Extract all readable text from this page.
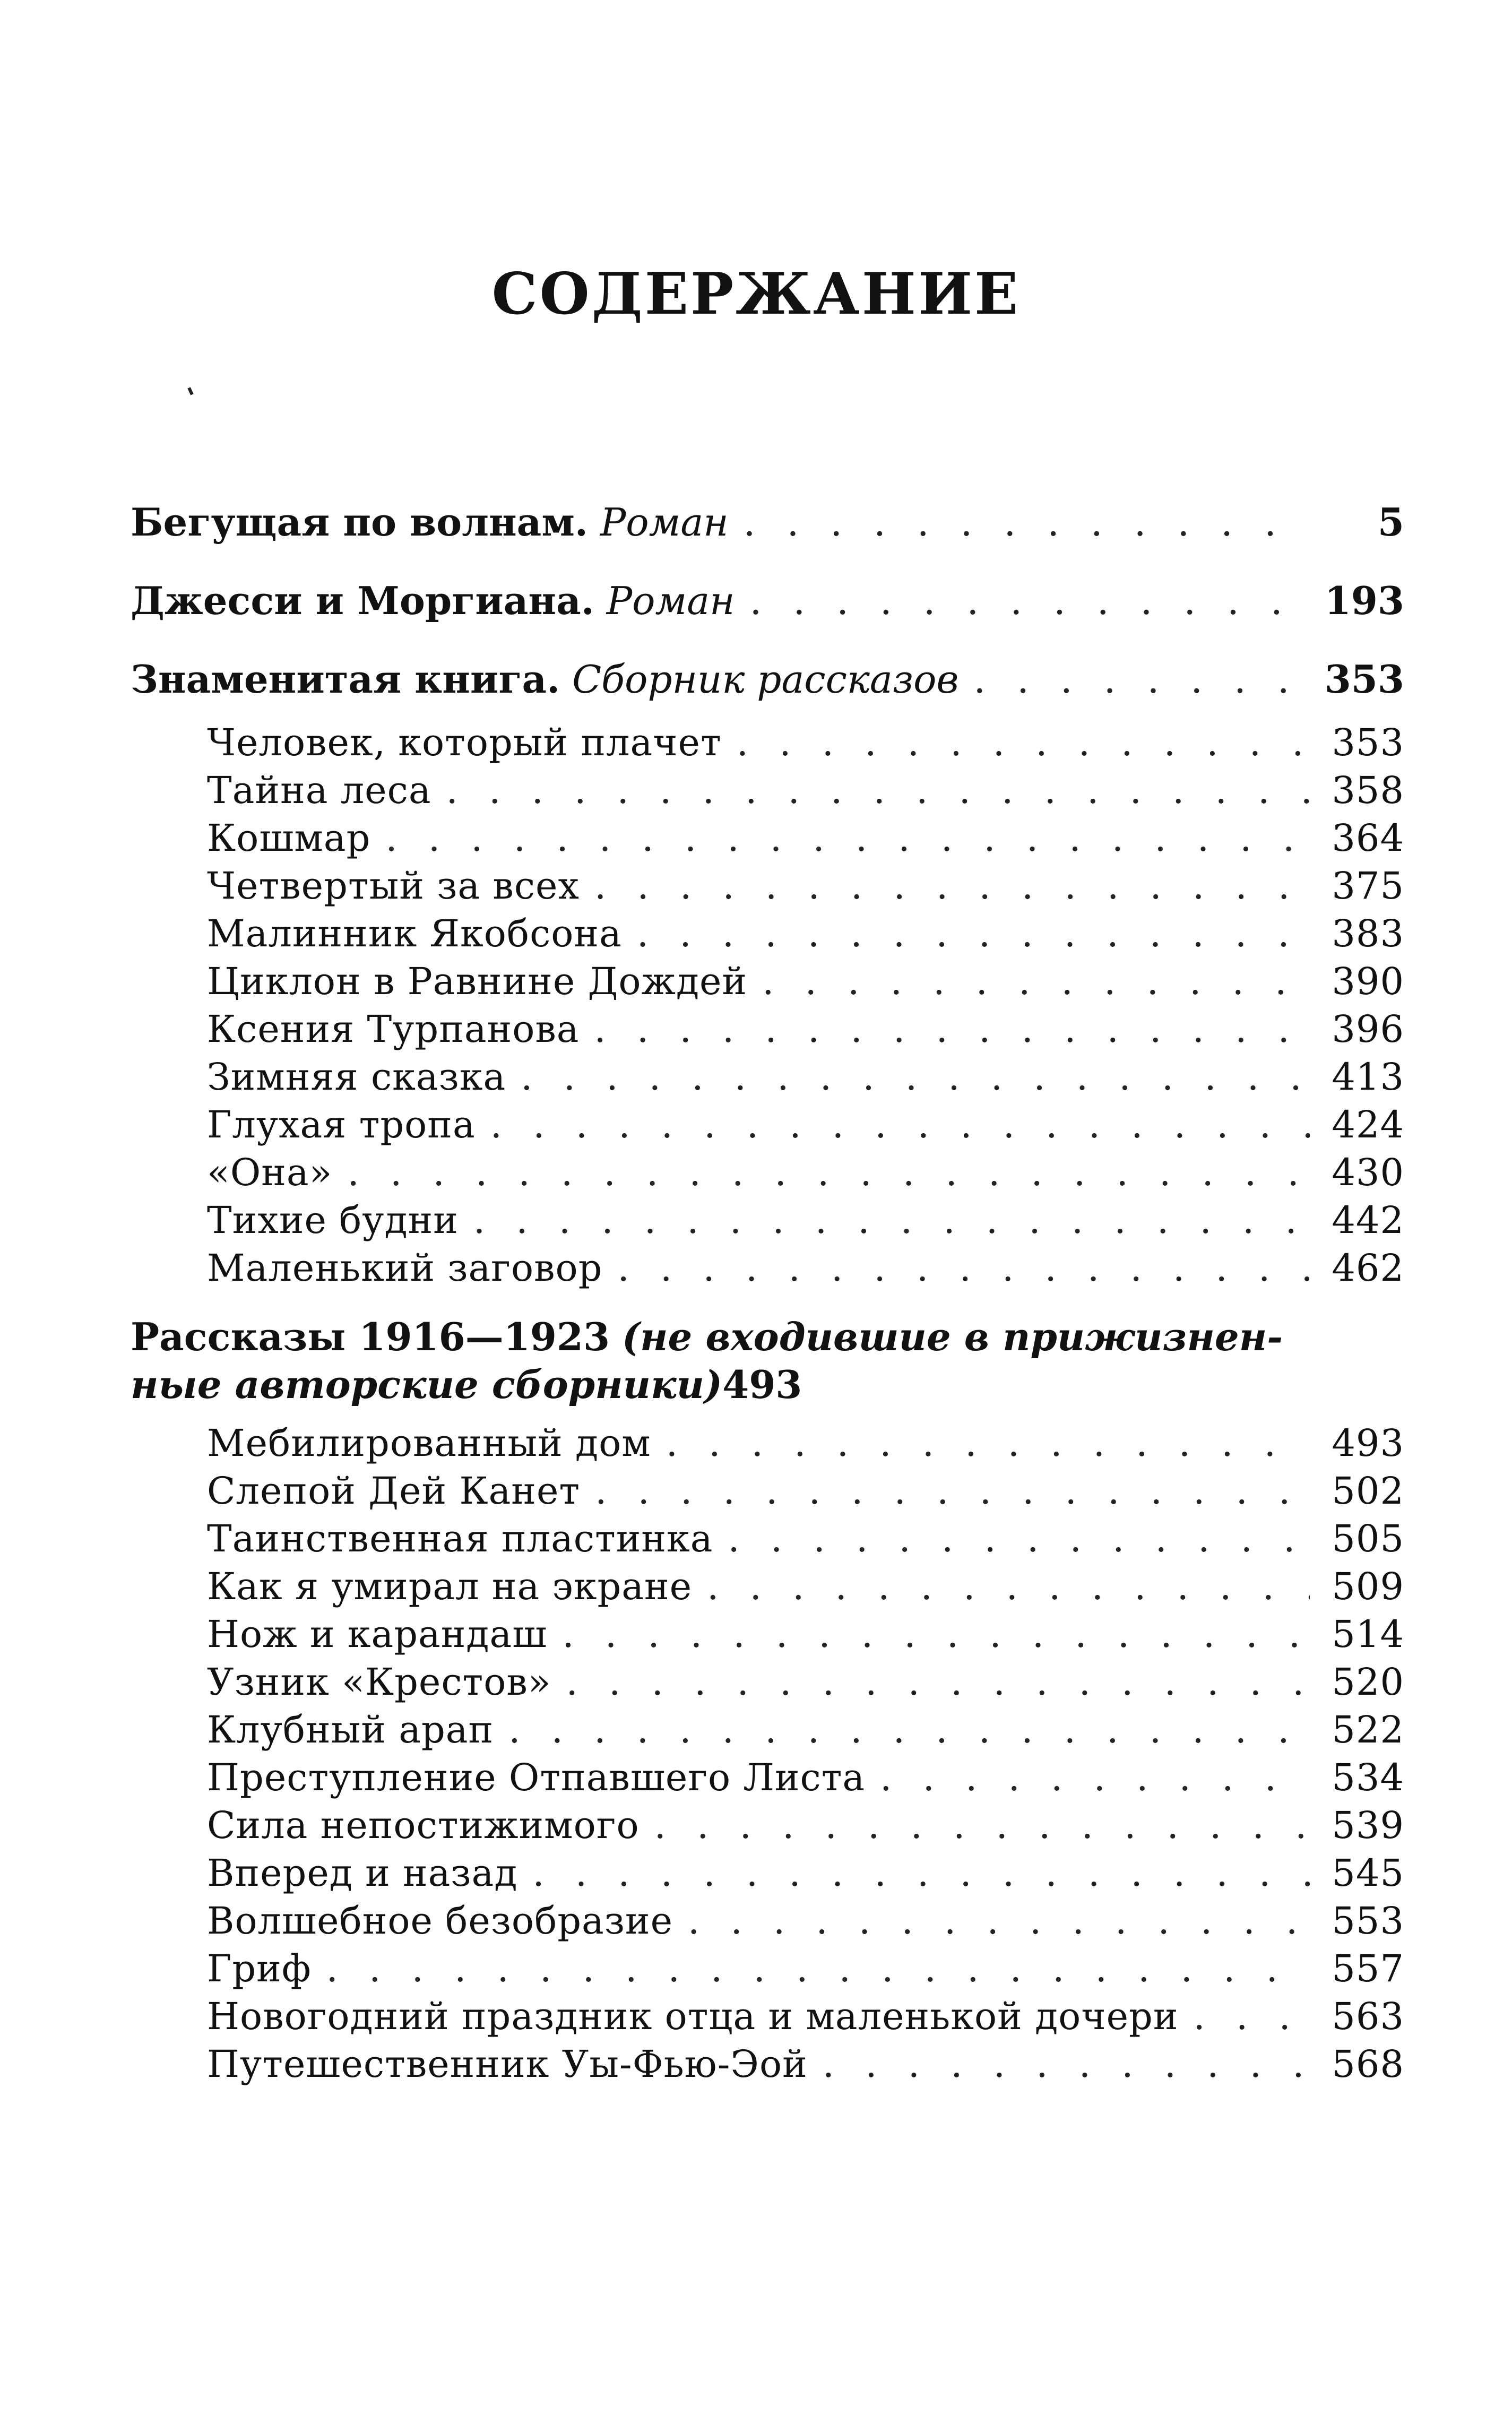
СОДЕРЖАНИЕ
Бегущая по волнам. Роман . . .	5
Джесси и Моргиана. Роман . . .	193
Знаменитая книга. Сборник рассказов . . .	353
Человек, который плачет . . .	353
Тайна леса . . .	358
Кошмар . . .	364
Четвертый за всех . . .	375
Малинник Якобсона . . .	383
Циклон в Равнине Дождей . . .	390
Ксения Турпанова . . .	396
Зимняя сказка . . .	413
Глухая тропа . . .	424
«Она» . . .	430
Тихие будни . . .	442
Маленький заговор . . .	462
Рассказы 1916—1923 (не входившие в прижизнен-
ные авторские сборники) 493
Мебилированный дом . . .	493
Слепой Дей Канет . . .	502
Таинственная пластинка . . .	505
Как я умирал на экране . . .	509
Нож и карандаш . . .	514
Узник «Крестов» . . .	520
Клубный арап . . .	522
Преступление Отпавшего Листа . . .	534
Сила непостижимого . . .	539
Вперед и назад . . .	545
Волшебное безобразие . . .	553
Гриф . . .	557
Новогодний праздник отца и маленькой дочери . . .	563
Путешественник Уы-Фью-Эой . . .	568
